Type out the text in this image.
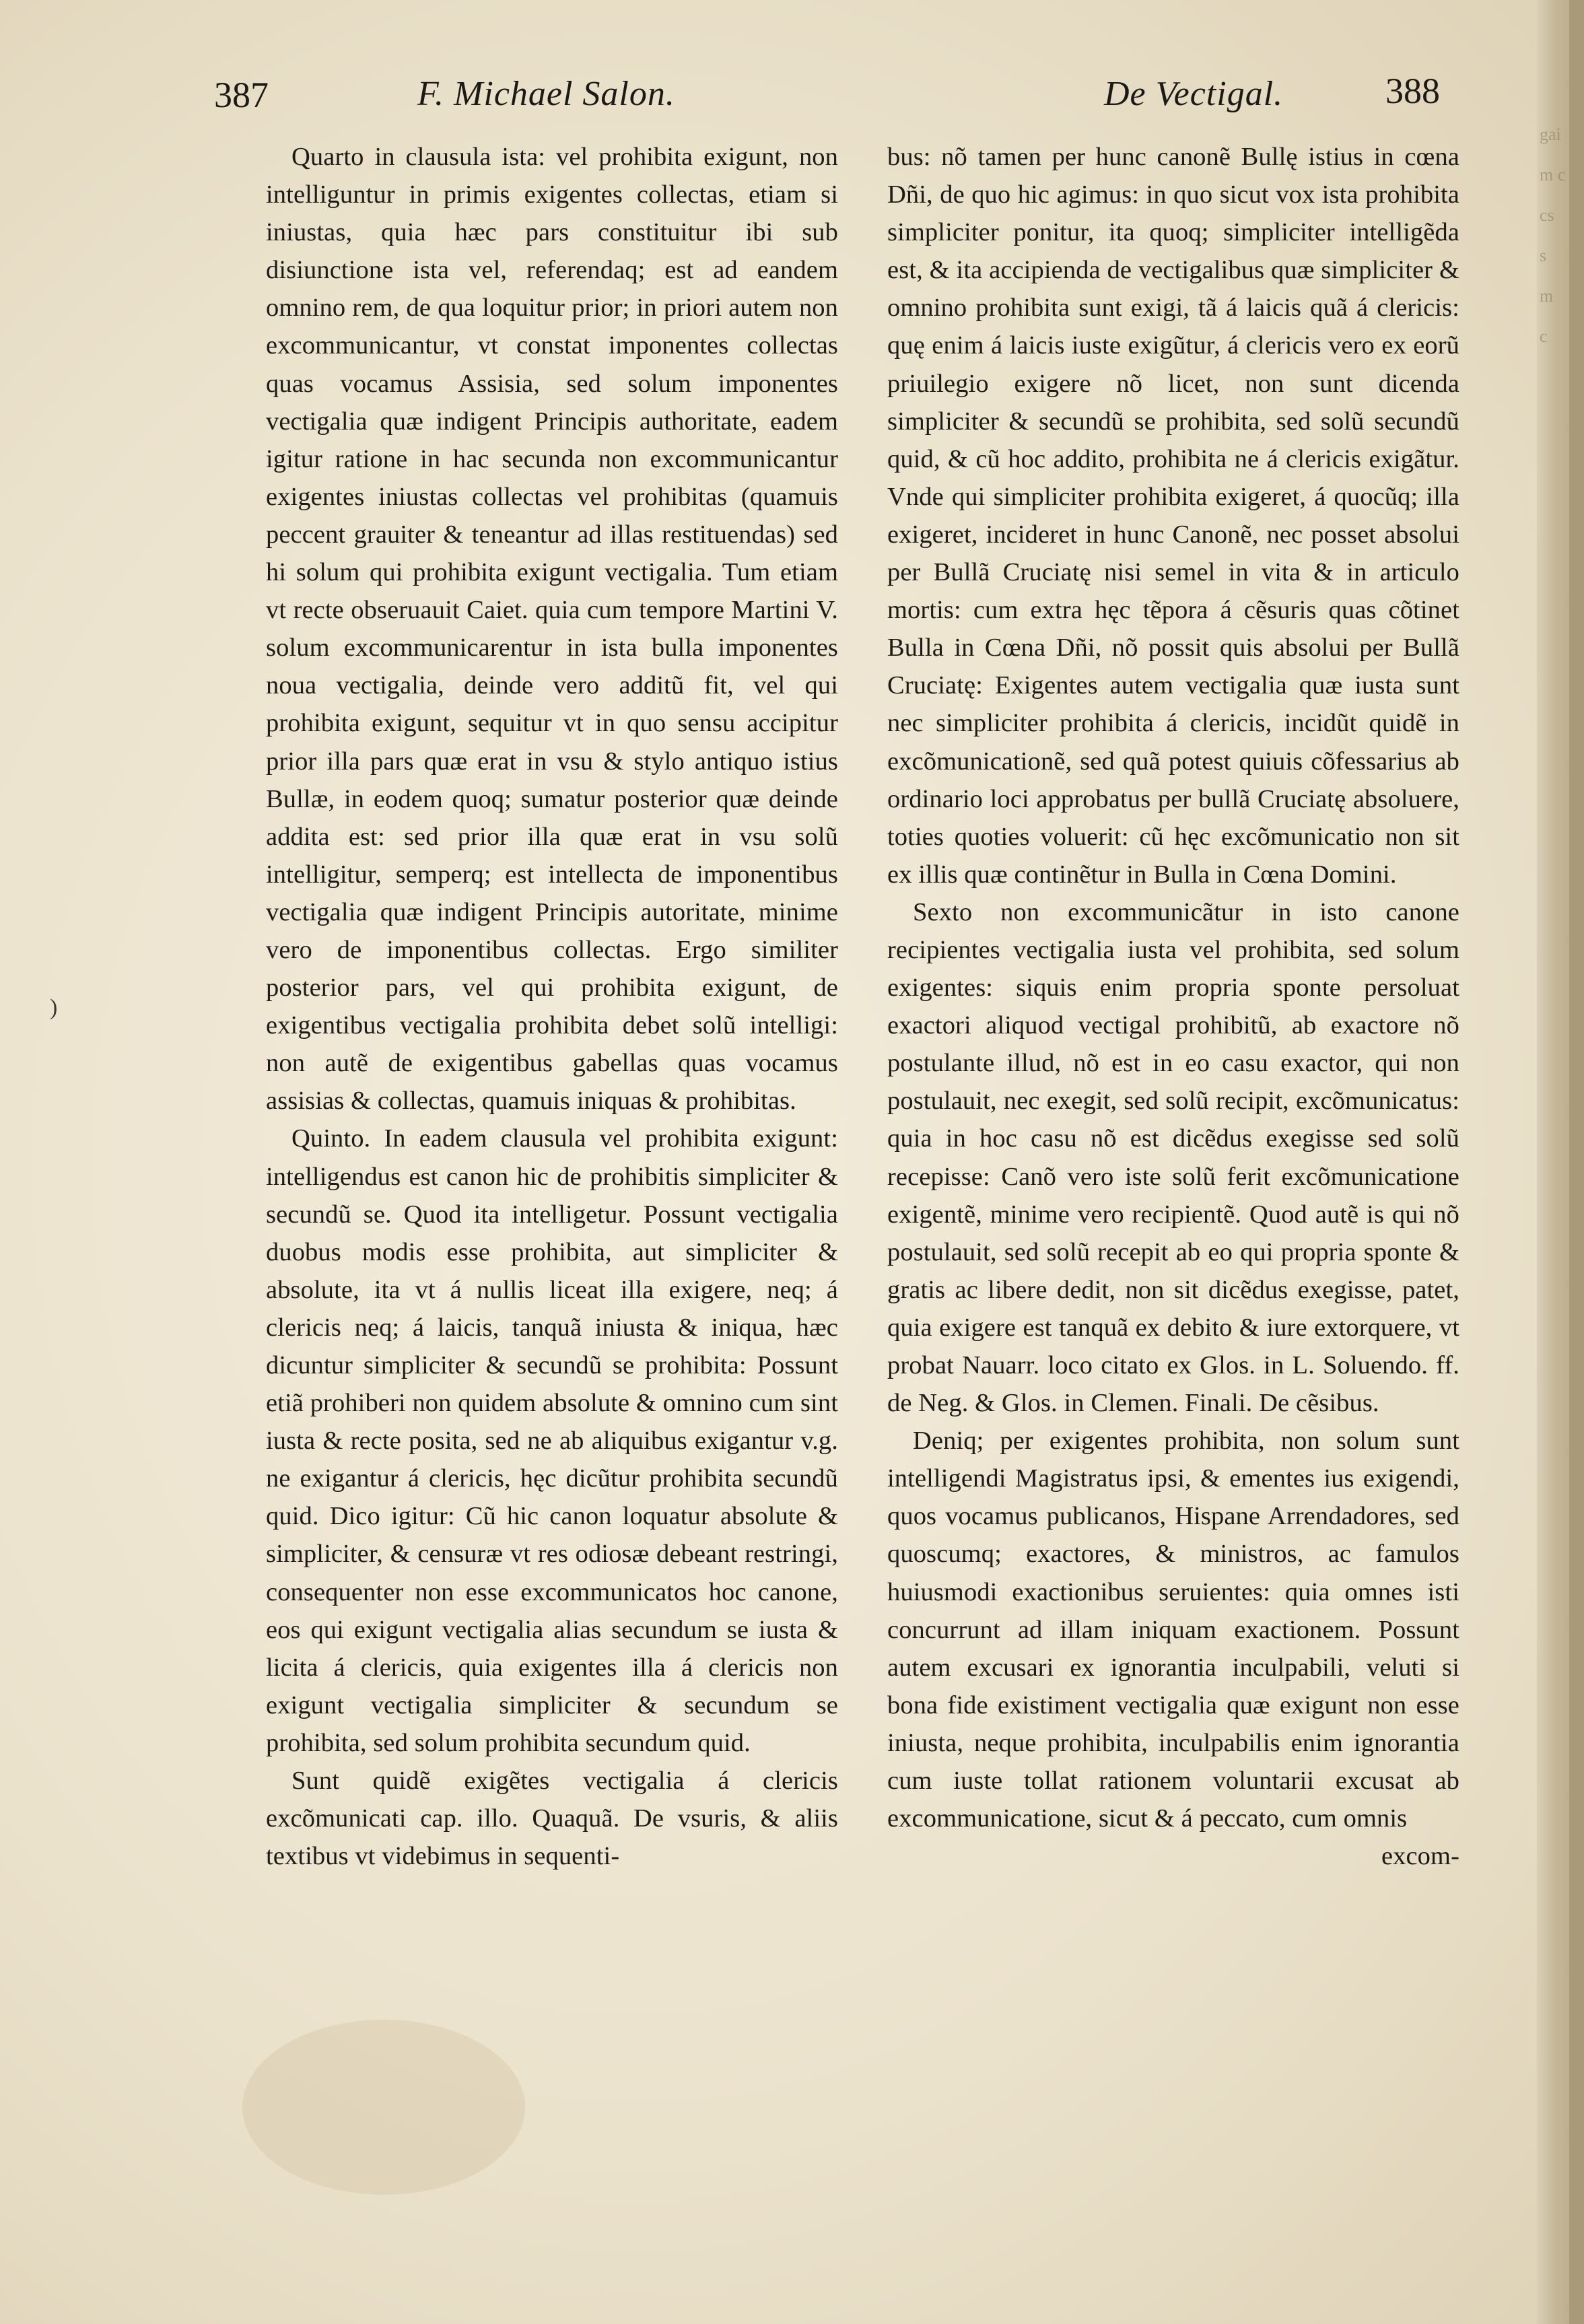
gai
m c
cs
s
m
c
387	F. Michael Salon.	De Vectigal.	388
)

Quarto in clausula ista: vel prohibita exigunt, non intelliguntur in primis exigentes collectas, etiam si iniustas, quia hæc pars constituitur ibi sub disiunctione ista vel, referendaq; est ad eandem omnino rem, de qua loquitur prior; in priori autem non excommunicantur, vt constat imponentes collectas quas vocamus Assisia, sed solum imponentes vectigalia quæ indigent Principis authoritate, eadem igitur ratione in hac secunda non excommunicantur exigentes iniustas collectas vel prohibitas (quamuis peccent grauiter & teneantur ad illas restituendas) sed hi solum qui prohibita exigunt vectigalia. Tum etiam vt recte obseruauit Caiet. quia cum tempore Martini V. solum excommunicarentur in ista bulla imponentes noua vectigalia, deinde vero additũ fit, vel qui prohibita exigunt, sequitur vt in quo sensu accipitur prior illa pars quæ erat in vsu & stylo antiquo istius Bullæ, in eodem quoq; sumatur posterior quæ deinde addita est: sed prior illa quæ erat in vsu solũ intelligitur, semperq; est intellecta de imponentibus vectigalia quæ indigent Principis autoritate, minime vero de imponentibus collectas. Ergo similiter posterior pars, vel qui prohibita exigunt, de exigentibus vectigalia prohibita debet solũ intelligi: non autẽ de exigentibus gabellas quas vocamus assisias & collectas, quamuis iniquas & prohibitas.

Quinto. In eadem clausula vel prohibita exigunt: intelligendus est canon hic de prohibitis simpliciter & secundũ se. Quod ita intelligetur. Possunt vectigalia duobus modis esse prohibita, aut simpliciter & absolute, ita vt á nullis liceat illa exigere, neq; á clericis neq; á laicis, tanquã iniusta & iniqua, hæc dicuntur simpliciter & secundũ se prohibita: Possunt etiã prohiberi non quidem absolute & omnino cum sint iusta & recte posita, sed ne ab aliquibus exigantur v.g. ne exigantur á clericis, hęc dicũtur prohibita secundũ quid. Dico igitur: Cũ hic canon loquatur absolute & simpliciter, & censuræ vt res odiosæ debeant restringi, consequenter non esse excommunicatos hoc canone, eos qui exigunt vectigalia alias secundum se iusta & licita á clericis, quia exigentes illa á clericis non exigunt vectigalia simpliciter & secundum se prohibita, sed solum prohibita secundum quid.

Sunt quidẽ exigẽtes vectigalia á clericis excõmunicati cap. illo. Quaquã. De vsuris, & aliis textibus vt videbimus in sequenti-

bus: nõ tamen per hunc canonẽ Bullę istius in cœna Dñi, de quo hic agimus: in quo sicut vox ista prohibita simpliciter ponitur, ita quoq; simpliciter intelligẽda est, & ita accipienda de vectigalibus quæ simpliciter & omnino prohibita sunt exigi, tã á laicis quã á clericis: quę enim á laicis iuste exigũtur, á clericis vero ex eorũ priuilegio exigere nõ licet, non sunt dicenda simpliciter & secundũ se prohibita, sed solũ secundũ quid, & cũ hoc addito, prohibita ne á clericis exigãtur. Vnde qui simpliciter prohibita exigeret, á quocũq; illa exigeret, incideret in hunc Canonẽ, nec posset absolui per Bullã Cruciatę nisi semel in vita & in articulo mortis: cum extra hęc tẽpora á cẽsuris quas cõtinet Bulla in Cœna Dñi, nõ possit quis absolui per Bullã Cruciatę: Exigentes autem vectigalia quæ iusta sunt nec simpliciter prohibita á clericis, incidũt quidẽ in excõmunicationẽ, sed quã potest quiuis cõfessarius ab ordinario loci approbatus per bullã Cruciatę absoluere, toties quoties voluerit: cũ hęc excõmunicatio non sit ex illis quæ continẽtur in Bulla in Cœna Domini.

Sexto non excommunicãtur in isto canone recipientes vectigalia iusta vel prohibita, sed solum exigentes: siquis enim propria sponte persoluat exactori aliquod vectigal prohibitũ, ab exactore nõ postulante illud, nõ est in eo casu exactor, qui non postulauit, nec exegit, sed solũ recipit, excõmunicatus: quia in hoc casu nõ est dicẽdus exegisse sed solũ recepisse: Canõ vero iste solũ ferit excõmunicatione exigentẽ, minime vero recipientẽ. Quod autẽ is qui nõ postulauit, sed solũ recepit ab eo qui propria sponte & gratis ac libere dedit, non sit dicẽdus exegisse, patet, quia exigere est tanquã ex debito & iure extorquere, vt probat Nauarr. loco citato ex Glos. in L. Soluendo. ff. de Neg. & Glos. in Clemen. Finali. De cẽsibus.

Deniq; per exigentes prohibita, non solum sunt intelligendi Magistratus ipsi, & ementes ius exigendi, quos vocamus publicanos, Hispane Arrendadores, sed quoscumq; exactores, & ministros, ac famulos huiusmodi exactionibus seruientes: quia omnes isti concurrunt ad illam iniquam exactionem. Possunt autem excusari ex ignorantia inculpabili, veluti si bona fide existiment vectigalia quæ exigunt non esse iniusta, neque prohibita, inculpabilis enim ignorantia cum iuste tollat rationem voluntarii excusat ab excommunicatione, sicut & á peccato, cum omnis

excom-
